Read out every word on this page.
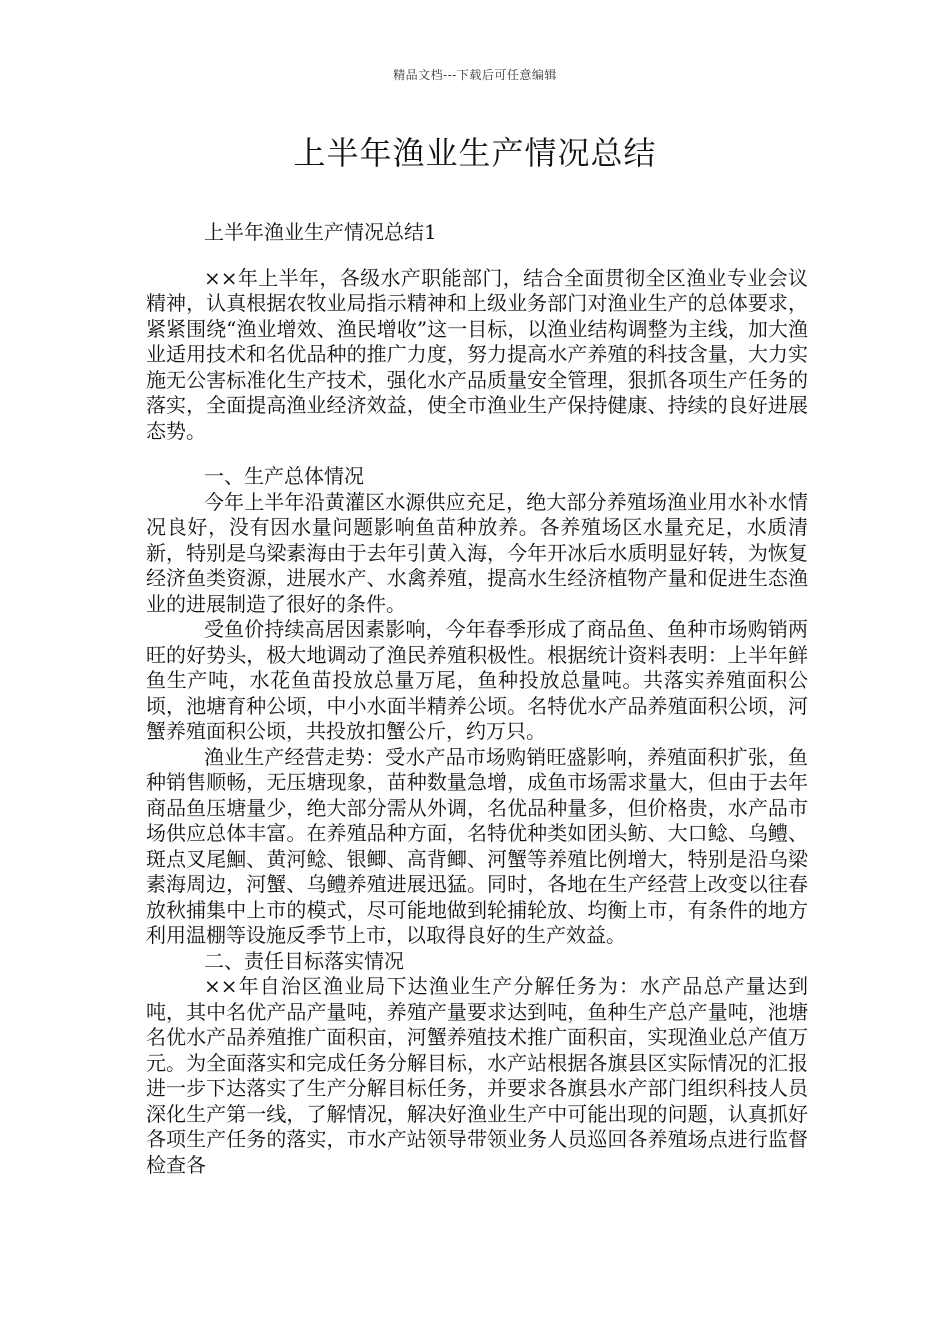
精品文档---下载后可任意编辑
上半年渔业生产情况总结

上半年渔业生产情况总结1

××年上半年，各级水产职能部门，结合全面贯彻全区渔业专业会议精神，认真根据农牧业局指示精神和上级业务部门对渔业生产的总体要求，紧紧围绕“渔业增效、渔民增收”这一目标，以渔业结构调整为主线，加大渔业适用技术和名优品种的推广力度，努力提高水产养殖的科技含量，大力实施无公害标准化生产技术，强化水产品质量安全管理，狠抓各项生产任务的落实，全面提高渔业经济效益，使全市渔业生产保持健康、持续的良好进展态势。

一、生产总体情况

今年上半年沿黄灌区水源供应充足，绝大部分养殖场渔业用水补水情况良好，没有因水量问题影响鱼苗种放养。各养殖场区水量充足，水质清新，特别是乌梁素海由于去年引黄入海，今年开冰后水质明显好转，为恢复经济鱼类资源，进展水产、水禽养殖，提高水生经济植物产量和促进生态渔业的进展制造了很好的条件。

受鱼价持续高居因素影响，今年春季形成了商品鱼、鱼种市场购销两旺的好势头，极大地调动了渔民养殖积极性。根据统计资料表明：上半年鲜鱼生产吨，水花鱼苗投放总量万尾，鱼种投放总量吨。共落实养殖面积公顷，池塘育种公顷，中小水面半精养公顷。名特优水产品养殖面积公顷，河蟹养殖面积公顷，共投放扣蟹公斤，约万只。

渔业生产经营走势：受水产品市场购销旺盛影响，养殖面积扩张，鱼种销售顺畅，无压塘现象，苗种数量急增，成鱼市场需求量大，但由于去年商品鱼压塘量少，绝大部分需从外调，名优品种量多，但价格贵，水产品市场供应总体丰富。在养殖品种方面，名特优种类如团头鲂、大口鲶、乌鳢、斑点叉尾鮰、黄河鲶、银鲫、高背鲫、河蟹等养殖比例增大，特别是沿乌梁素海周边，河蟹、乌鳢养殖进展迅猛。同时，各地在生产经营上改变以往春放秋捕集中上市的模式，尽可能地做到轮捕轮放、均衡上市，有条件的地方利用温棚等设施反季节上市，以取得良好的生产效益。

二、责任目标落实情况

××年自治区渔业局下达渔业生产分解任务为：水产品总产量达到吨，其中名优产品产量吨，养殖产量要求达到吨，鱼种生产总产量吨，池塘名优水产品养殖推广面积亩，河蟹养殖技术推广面积亩，实现渔业总产值万元。为全面落实和完成任务分解目标，水产站根据各旗县区实际情况的汇报进一步下达落实了生产分解目标任务，并要求各旗县水产部门组织科技人员深化生产第一线，了解情况，解决好渔业生产中可能出现的问题，认真抓好各项生产任务的落实，市水产站领导带领业务人员巡回各养殖场点进行监督检查各
